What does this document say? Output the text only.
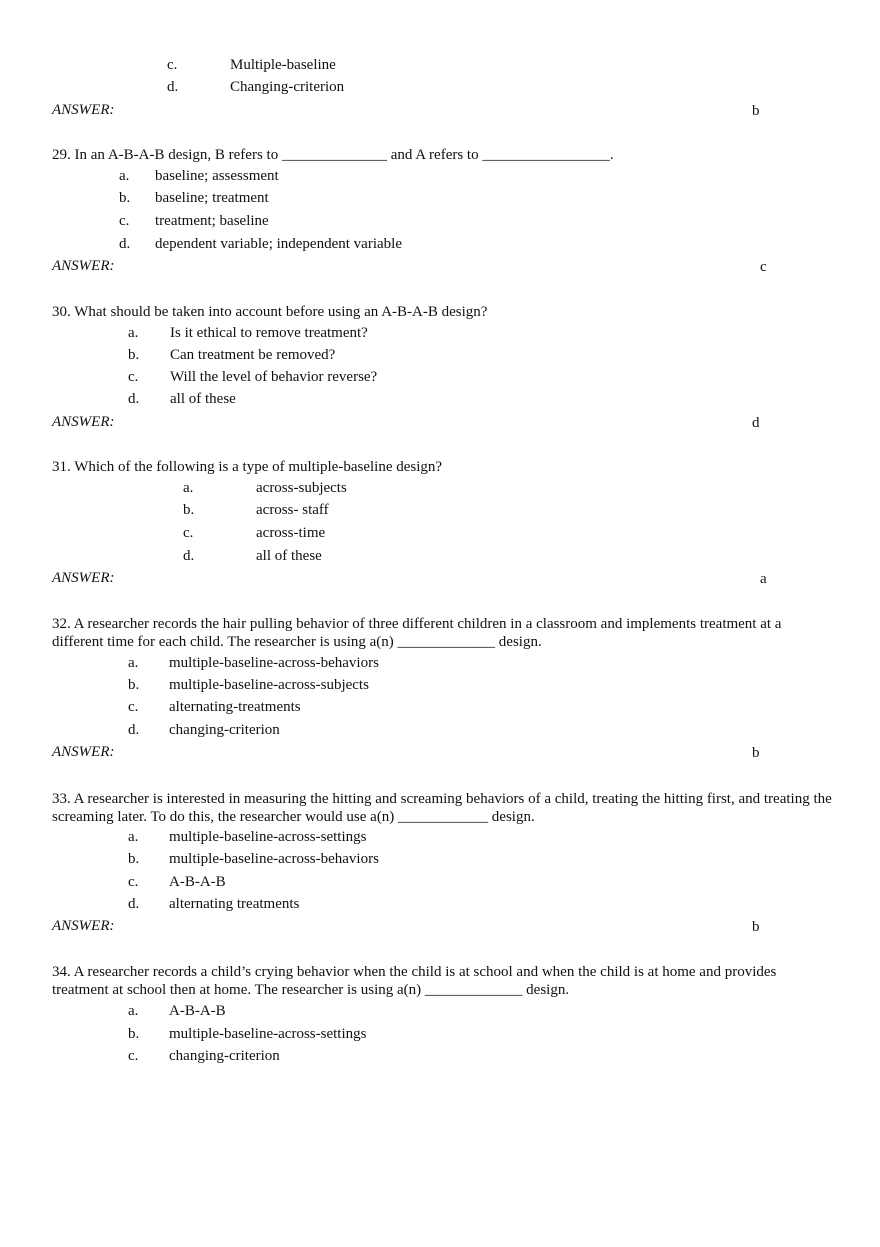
c.	Multiple-baseline
d.	Changing-criterion
ANSWER:	b
29. In an A-B-A-B design, B refers to ______________ and A refers to _________________.
a. baseline; assessment
b. baseline; treatment
c. treatment; baseline
d. dependent variable; independent variable
ANSWER:	c
30. What should be taken into account before using an A-B-A-B design?
a. Is it ethical to remove treatment?
b. Can treatment be removed?
c. Will the level of behavior reverse?
d. all of these
ANSWER:	d
31. Which of the following is a type of multiple-baseline design?
a.	across-subjects
b.	across- staff
c.	across-time
d.	all of these
ANSWER:	a
32. A researcher records the hair pulling behavior of three different children in a classroom and implements treatment at a different time for each child. The researcher is using a(n) _____________ design.
a. multiple-baseline-across-behaviors
b. multiple-baseline-across-subjects
c. alternating-treatments
d. changing-criterion
ANSWER:	b
33. A researcher is interested in measuring the hitting and screaming behaviors of a child, treating the hitting first, and treating the screaming later. To do this, the researcher would use a(n) ____________ design.
a. multiple-baseline-across-settings
b. multiple-baseline-across-behaviors
c. A-B-A-B
d. alternating treatments
ANSWER:	b
34. A researcher records a child’s crying behavior when the child is at school and when the child is at home and provides treatment at school then at home. The researcher is using a(n) _____________ design.
a. A-B-A-B
b. multiple-baseline-across-settings
c. changing-criterion
